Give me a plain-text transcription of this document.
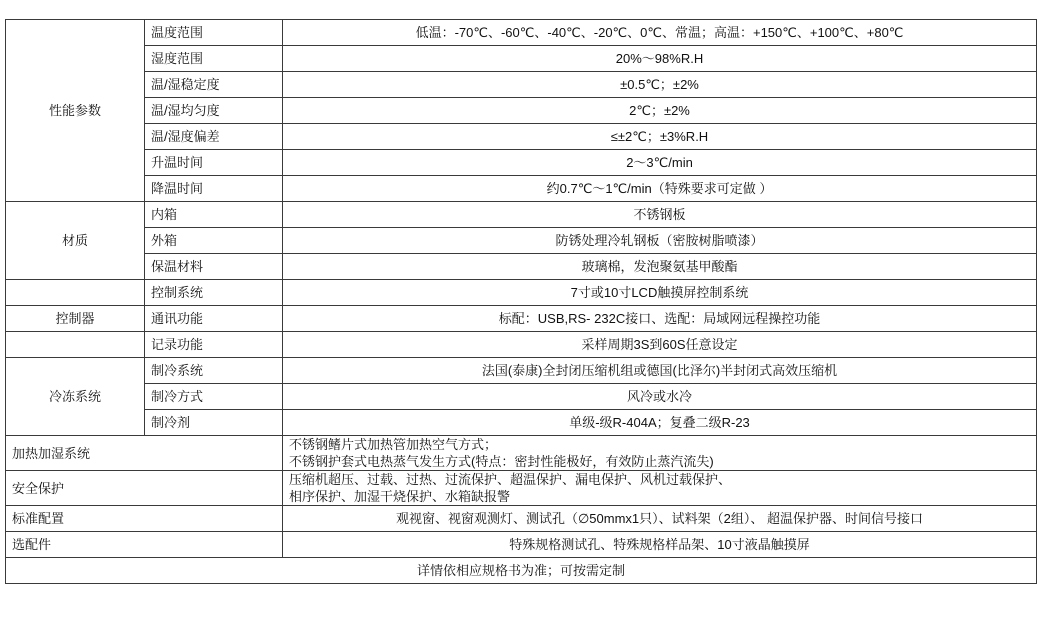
性能参数	温度范围	低温：-70℃、-60℃、-40℃、-20℃、0℃、常温；高温：+150℃、+100℃、+80℃
	湿度范围	20%～98%R.H
	温/湿稳定度	±0.5℃；±2%
	温/湿均匀度	2℃；±2%
	温/湿度偏差	≤±2℃；±3%R.H
	升温时间	2～3℃/min
	降温时间	约0.7℃～1℃/min（特殊要求可定做 ）
材质	内箱	不锈钢板
	外箱	防锈处理冷轧钢板（密胺树脂喷漆）
	保温材料	玻璃棉，发泡聚氨基甲酸酯
	控制系统	7寸或10寸LCD触摸屏控制系统
控制器	通讯功能	标配：USB,RS- 232C接口、选配：局域网远程操控功能
	记录功能	采样周期3S到60S任意设定
冷冻系统	制冷系统	法国(泰康)全封闭压缩机组或德国(比泽尔)半封闭式高效压缩机
	制冷方式	风冷或水冷
	制冷剂	单级-级R-404A；复叠二级R-23
加热加湿系统		不锈钢鳍片式加热管加热空气方式；
不锈钢护套式电热蒸气发生方式(特点：密封性能极好，有效防止蒸汽流失)

安全保护		压缩机超压、过载、过热、过流保护、超温保护、漏电保护、风机过载保护、
相序保护、加湿干烧保护、水箱缺报警

标准配置		观视窗、视窗观测灯、测试孔（∅50mmx1只）、试料架（2组）、 超温保护器、时间信号接口
选配件		特殊规格测试孔、特殊规格样品架、10寸液晶触摸屏
详情依相应规格书为准；可按需定制		
